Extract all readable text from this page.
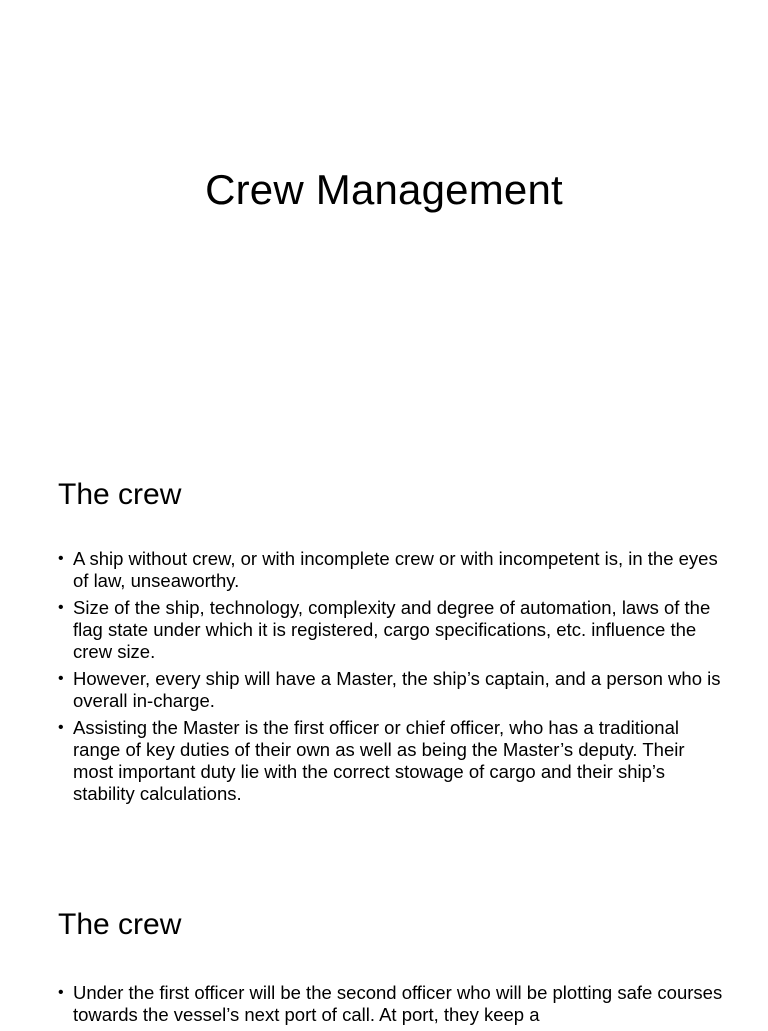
Crew Management
The crew
• A ship without crew, or with incomplete crew or with incompetent is, in the eyes of law, unseaworthy.
• Size of the ship, technology, complexity and degree of automation, laws of the flag state under which it is registered, cargo specifications, etc. influence the crew size.
• However, every ship will have a Master, the ship’s captain, and a person who is overall in-charge.
• Assisting the Master is the first officer or chief officer, who has a traditional range of key duties of their own as well as being the Master’s deputy. Their most important duty lie with the correct stowage of cargo and their ship’s stability calculations.
The crew
• Under the first officer will be the second officer who will be plotting safe courses towards the vessel’s next port of call. At port, they keep a
